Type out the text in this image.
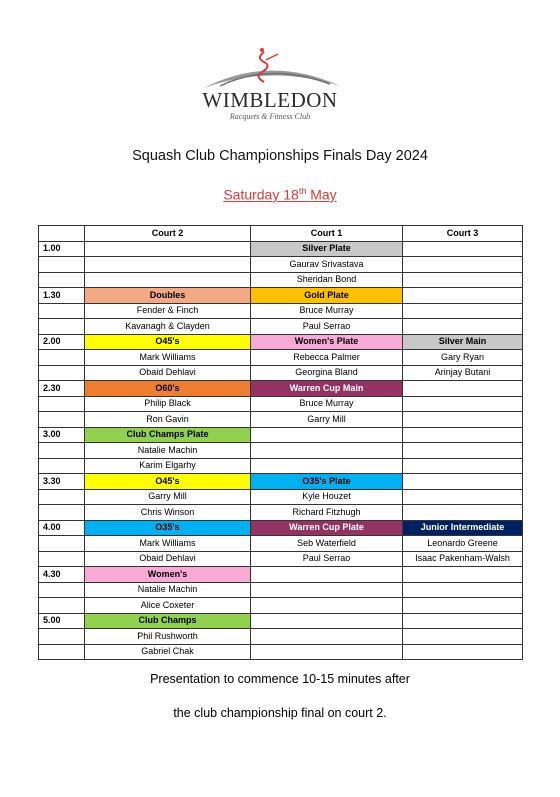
WIMBLEDON
Racquets & Fitness Club
Squash Club Championships Finals Day 2024
Saturday 18th May
	Court 2	Court 1	Court 3
1.00		Silver Plate	
		Gaurav Srivastava	
		Sheridan Bond	
1.30	Doubles	Gold Plate	
	Fender & Finch	Bruce Murray	
	Kavanagh & Clayden	Paul Serrao	
2.00	O45's	Women's Plate	Silver Main
	Mark Williams	Rebecca Palmer	Gary Ryan
	Obaid Dehlavi	Georgina Bland	Arinjay Butani
2.30	O60's	Warren Cup Main	
	Philip Black	Bruce Murray	
	Ron Gavin	Garry Mill	
3.00	Club Champs Plate		
	Natalie Machin		
	Karim Elgarhy		
3.30	O45's	O35's Plate	
	Garry Mill	Kyle Houzet	
	Chris Winson	Richard Fitzhugh	
4.00	O35's	Warren Cup Plate	Junior Intermediate
	Mark Williams	Seb Waterfield	Leonardo Greene
	Obaid Dehlavi	Paul Serrao	Isaac Pakenham-Walsh
4.30	Women's		
	Natalie Machin		
	Alice Coxeter		
5.00	Club Champs		
	Phil Rushworth		
	Gabriel Chak		
Presentation to commence 10-15 minutes after
the club championship final on court 2.
